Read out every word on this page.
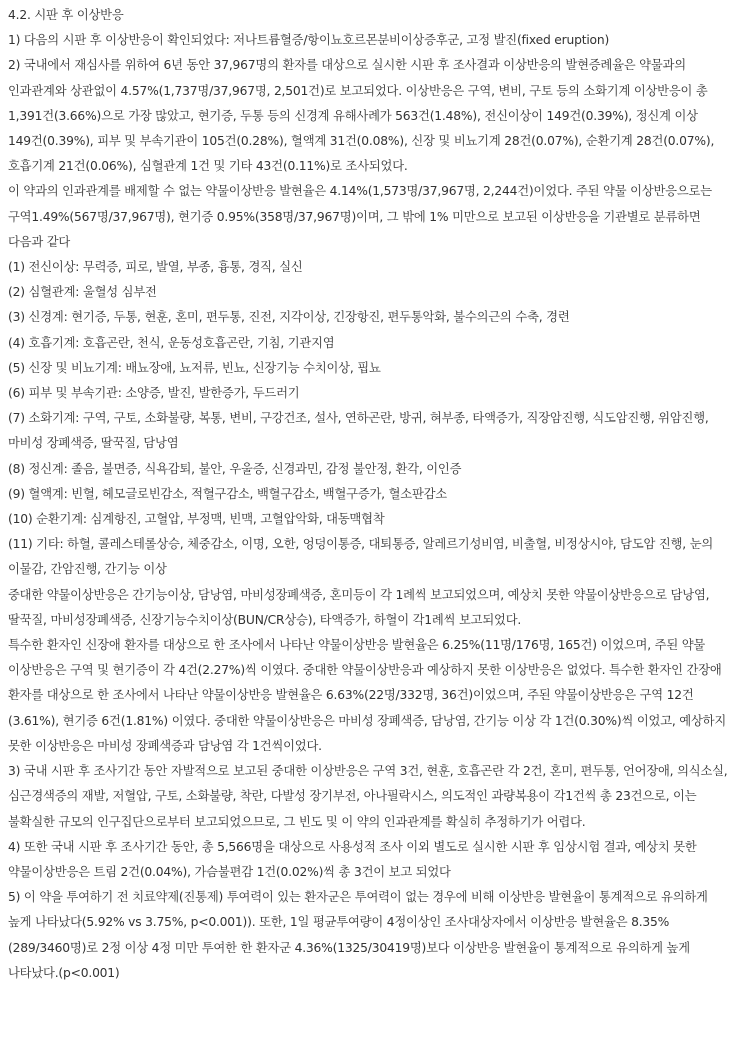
4.2. 시판 후 이상반응

1) 다음의 시판 후 이상반응이 확인되었다: 저나트륨혈증/항이뇨호르몬분비이상증후군, 고정 발진(fixed eruption)

2) 국내에서 재심사를 위하여 6년 동안 37,967명의 환자를 대상으로 실시한 시판 후 조사결과 이상반응의 발현증례율은 약물과의 인과관계와 상관없이 4.57%(1,737명/37,967명, 2,501건)로 보고되었다. 이상반응은 구역, 변비, 구토 등의 소화기계 이상반응이 총 1,391건(3.66%)으로 가장 많았고, 현기증, 두통 등의 신경계 유해사례가 563건(1.48%), 전신이상이 149건(0.39%), 정신계 이상 149건(0.39%), 피부 및 부속기관이 105건(0.28%), 혈액계 31건(0.08%), 신장 및 비뇨기계 28건(0.07%), 순환기계 28건(0.07%), 호흡기계 21건(0.06%), 심혈관계 1건 및 기타 43건(0.11%)로 조사되었다.

이 약과의 인과관계를 배제할 수 없는 약물이상반응 발현율은 4.14%(1,573명/37,967명, 2,244건)이었다. 주된 약물 이상반응으로는 구역1.49%(567명/37,967명), 현기증 0.95%(358명/37,967명)이며, 그 밖에 1% 미만으로 보고된 이상반응을 기관별로 분류하면 다음과 같다

(1) 전신이상: 무력증, 피로, 발열, 부종, 흉통, 경직, 실신

(2) 심혈관계: 울혈성 심부전

(3) 신경계: 현기증, 두통, 현훈, 혼미, 편두통, 진전, 지각이상, 긴장항진, 편두통악화, 불수의근의 수축, 경련

(4) 호흡기계: 호흡곤란, 천식, 운동성호흡곤란, 기침, 기관지염

(5) 신장 및 비뇨기계: 배뇨장애, 뇨저류, 빈뇨, 신장기능 수치이상, 핍뇨

(6) 피부 및 부속기관: 소양증, 발진, 발한증가, 두드러기

(7) 소화기계: 구역, 구토, 소화불량, 복통, 변비, 구강건조, 설사, 연하곤란, 방귀, 혀부종, 타액증가, 직장암진행, 식도암진행, 위암진행, 마비성 장폐색증, 딸꾹질, 담낭염

(8) 정신계: 졸음, 불면증, 식욕감퇴, 불안, 우울증, 신경과민, 감정 불안정, 환각, 이인증

(9) 혈액계: 빈혈, 헤모글로빈감소, 적혈구감소, 백혈구감소, 백혈구증가, 혈소판감소

(10) 순환기계: 심계항진, 고혈압, 부정맥, 빈맥, 고혈압악화, 대동맥협착

(11) 기타: 하혈, 콜레스테롤상승, 체중감소, 이명, 오한, 엉덩이통증, 대퇴통증, 알레르기성비염, 비출혈, 비정상시야, 담도암 진행, 눈의 이물감, 간암진행, 간기능 이상

중대한 약물이상반응은 간기능이상, 담낭염, 마비성장폐색증, 혼미등이 각 1례씩 보고되었으며, 예상치 못한 약물이상반응으로 담낭염, 딸꾹질, 마비성장폐색증, 신장기능수치이상(BUN/CR상승), 타액증가, 하혈이 각1례씩 보고되었다.

특수한 환자인 신장애 환자를 대상으로 한 조사에서 나타난 약물이상반응 발현율은 6.25%(11명/176명, 165건) 이었으며, 주된 약물 이상반응은 구역 및 현기증이 각 4건(2.27%)씩 이였다. 중대한 약물이상반응과 예상하지 못한 이상반응은 없었다. 특수한 환자인 간장애 환자를 대상으로 한 조사에서 나타난 약물이상반응 발현율은 6.63%(22명/332명, 36건)이었으며, 주된 약물이상반응은 구역 12건(3.61%), 현기증 6건(1.81%) 이였다. 중대한 약물이상반응은 마비성 장폐색증, 담낭염, 간기능 이상 각 1건(0.30%)씩 이었고, 예상하지 못한 이상반응은 마비성 장폐색증과 담낭염 각 1건씩이었다.

3) 국내 시판 후 조사기간 동안 자발적으로 보고된 중대한 이상반응은 구역 3건, 현훈, 호흡곤란 각 2건, 혼미, 편두통, 언어장애, 의식소실, 심근경색증의 재발, 저혈압, 구토, 소화불량, 착란, 다발성 장기부전, 아나필락시스, 의도적인 과량복용이 각1건씩 총 23건으로, 이는 불확실한 규모의 인구집단으로부터 보고되었으므로, 그 빈도 및 이 약의 인과관계를 확실히 추정하기가 어렵다.

4) 또한 국내 시판 후 조사기간 동안, 총 5,566명을 대상으로 사용성적 조사 이외 별도로 실시한 시판 후 임상시험 결과, 예상치 못한 약물이상반응은 트림 2건(0.04%), 가슴불편감 1건(0.02%)씩 총 3건이 보고 되었다

5) 이 약을 투여하기 전 치료약제(진통제) 투여력이 있는 환자군은 투여력이 없는 경우에 비해 이상반응 발현율이 통계적으로 유의하게 높게 나타났다(5.92% vs 3.75%, p<0.001)). 또한, 1일 평균투여량이 4정이상인 조사대상자에서 이상반응 발현율은 8.35%(289/3460명)로 2정 이상 4정 미만 투여한 한 환자군 4.36%(1325/30419명)보다 이상반응 발현율이 통계적으로 유의하게 높게 나타났다.(p<0.001)
